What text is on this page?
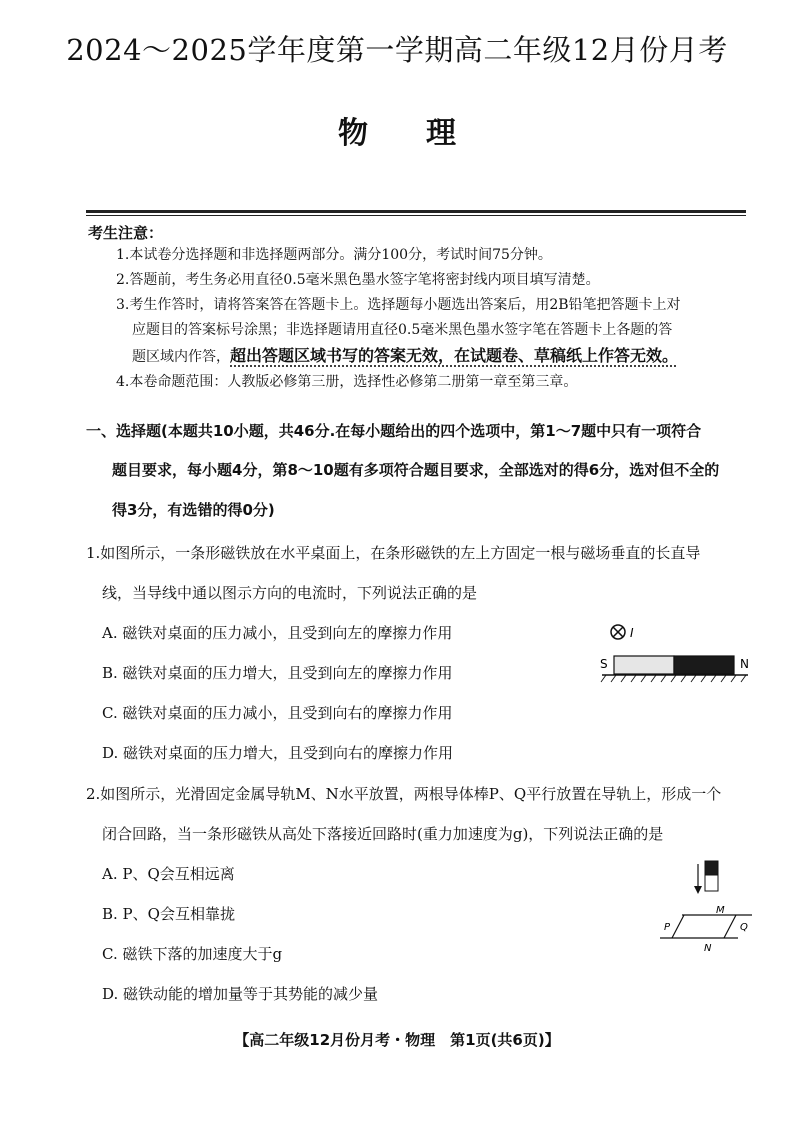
2024～2025学年度第一学期高二年级12月份月考
物理
考生注意：
1.本试卷分选择题和非选择题两部分。满分100分，考试时间75分钟。
2.答题前，考生务必用直径0.5毫米黑色墨水签字笔将密封线内项目填写清楚。
3.考生作答时，请将答案答在答题卡上。选择题每小题选出答案后，用2B铅笔把答题卡上对
应题目的答案标号涂黑；非选择题请用直径0.5毫米黑色墨水签字笔在答题卡上各题的答
题区域内作答，超出答题区域书写的答案无效，在试题卷、草稿纸上作答无效。
4.本卷命题范围：人教版必修第三册，选择性必修第二册第一章至第三章。
一、选择题(本题共10小题，共46分.在每小题给出的四个选项中，第1～7题中只有一项符合
题目要求，每小题4分，第8～10题有多项符合题目要求，全部选对的得6分，选对但不全的
得3分，有选错的得0分)
1.如图所示，一条形磁铁放在水平桌面上，在条形磁铁的左上方固定一根与磁场垂直的长直导
线，当导线中通以图示方向的电流时，下列说法正确的是
A. 磁铁对桌面的压力减小，且受到向左的摩擦力作用
B. 磁铁对桌面的压力增大，且受到向左的摩擦力作用
C. 磁铁对桌面的压力减小，且受到向右的摩擦力作用
D. 磁铁对桌面的压力增大，且受到向右的摩擦力作用
I
S	N
2.如图所示，光滑固定金属导轨M、N水平放置，两根导体棒P、Q平行放置在导轨上，形成一个
闭合回路，当一条形磁铁从高处下落接近回路时(重力加速度为g)，下列说法正确的是
A. P、Q会互相远离
B. P、Q会互相靠拢
C. 磁铁下落的加速度大于g
D. 磁铁动能的增加量等于其势能的减少量
M
P	Q
N
【高二年级12月份月考・物理　第1页(共6页)】
